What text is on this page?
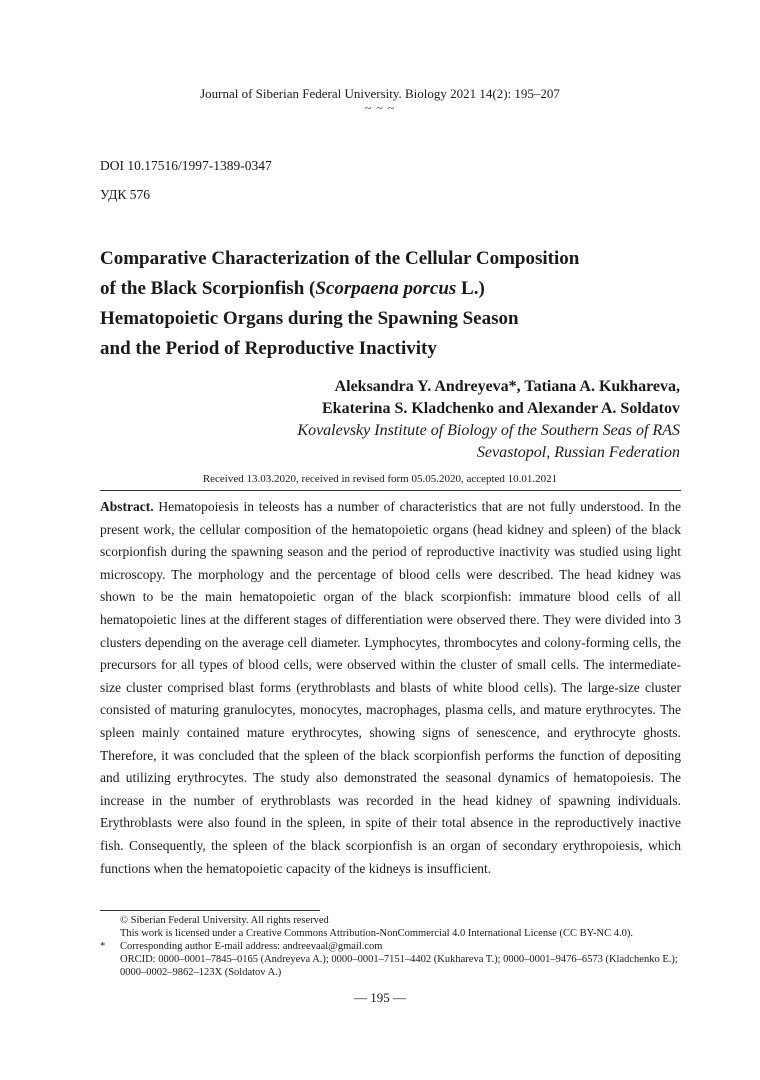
Journal of Siberian Federal University. Biology 2021 14(2): 195–207
~ ~ ~
DOI 10.17516/1997-1389-0347
УДК 576
Comparative Characterization of the Cellular Composition
of the Black Scorpionfish (Scorpaena porcus L.)
Hematopoietic Organs during the Spawning Season
and the Period of Reproductive Inactivity
Aleksandra Y. Andreyeva*, Tatiana A. Kukhareva,
Ekaterina S. Kladchenko and Alexander A. Soldatov
Kovalevsky Institute of Biology of the Southern Seas of RAS
Sevastopol, Russian Federation
Received 13.03.2020, received in revised form 05.05.2020, accepted 10.01.2021

Abstract. Hematopoiesis in teleosts has a number of characteristics that are not fully understood. In the present work, the cellular composition of the hematopoietic organs (head kidney and spleen) of the black scorpionfish during the spawning season and the period of reproductive inactivity was studied using light microscopy. The morphology and the percentage of blood cells were described. The head kidney was shown to be the main hematopoietic organ of the black scorpionfish: immature blood cells of all hematopoietic lines at the different stages of differentiation were observed there. They were divided into 3 clusters depending on the average cell diameter. Lymphocytes, thrombocytes and colony-forming cells, the precursors for all types of blood cells, were observed within the cluster of small cells. The intermediate-size cluster comprised blast forms (erythroblasts and blasts of white blood cells). The large-size cluster consisted of maturing granulocytes, monocytes, macrophages, plasma cells, and mature erythrocytes. The spleen mainly contained mature erythrocytes, showing signs of senescence, and erythrocyte ghosts. Therefore, it was concluded that the spleen of the black scorpionfish performs the function of depositing and utilizing erythrocytes. The study also demonstrated the seasonal dynamics of hematopoiesis. The increase in the number of erythroblasts was recorded in the head kidney of spawning individuals. Erythroblasts were also found in the spleen, in spite of their total absence in the reproductively inactive fish. Consequently, the spleen of the black scorpionfish is an organ of secondary erythropoiesis, which functions when the hematopoietic capacity of the kidneys is insufficient.

© Siberian Federal University. All rights reserved
This work is licensed under a Creative Commons Attribution-NonCommercial 4.0 International License (CC BY-NC 4.0).
* Corresponding author E-mail address: andreevaal@gmail.com
ORCID: 0000–0001–7845–0165 (Andreyeva A.); 0000–0001–7151–4402 (Kukhareva T.); 0000–0001–9476–6573 (Kladchenko E.); 0000–0002–9862–123X (Soldatov A.)
— 195 —
